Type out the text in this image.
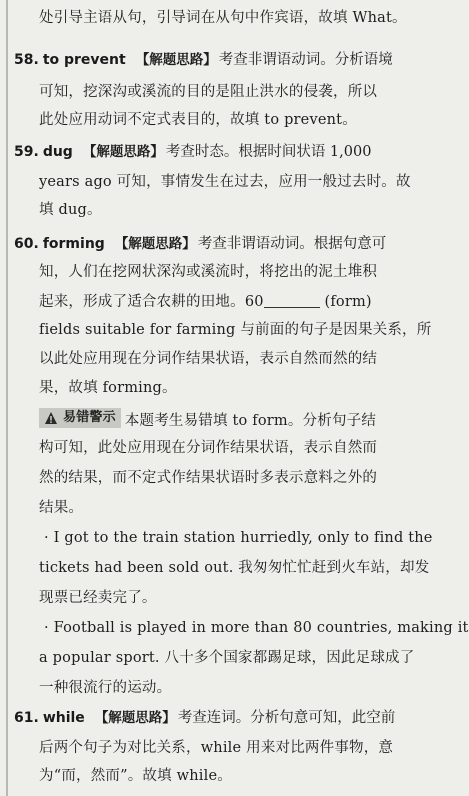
处引导主语从句，引导词在从句中作宾语，故填 What。
58. to prevent 【解题思路】 考查非谓语动词。分析语境
可知，挖深沟或溪流的目的是阻止洪水的侵袭，所以
此处应用动词不定式表目的，故填 to prevent。
59. dug 【解题思路】 考查时态。根据时间状语 1,000
years ago 可知，事情发生在过去，应用一般过去时。故
填 dug。
60. forming 【解题思路】 考查非谓语动词。根据句意可
知，人们在挖网状深沟或溪流时，将挖出的泥土堆积
起来，形成了适合农耕的田地。60	(form)
fields suitable for farming 与前面的句子是因果关系，所
以此处应用现在分词作结果状语，表示自然而然的结
果，故填 forming。
易错警示 本题考生易错填 to form。分析句子结
构可知，此处应用现在分词作结果状语，表示自然而
然的结果，而不定式作结果状语时多表示意料之外的
结果。
· I got to the train station hurriedly, only to find the
tickets had been sold out. 我匆匆忙忙赶到火车站，却发
现票已经卖完了。
· Football is played in more than 80 countries, making it
a popular sport. 八十多个国家都踢足球，因此足球成了
一种很流行的运动。
61. while 【解题思路】 考查连词。分析句意可知，此空前
后两个句子为对比关系，while 用来对比两件事物，意
为“而，然而”。故填 while。
